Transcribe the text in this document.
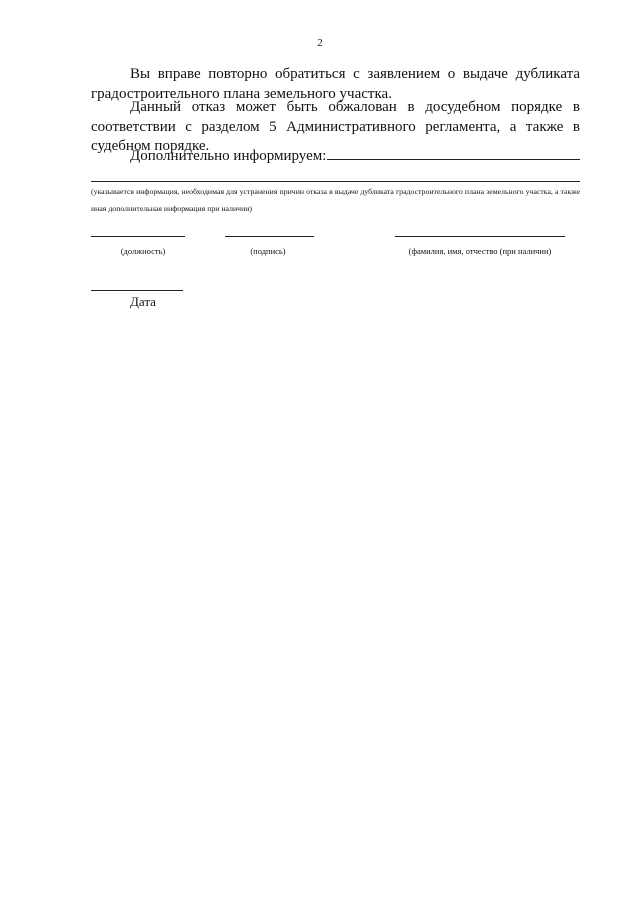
2

Вы вправе повторно обратиться с заявлением о выдаче дубликата градостроительного плана земельного участка.

Данный отказ может быть обжалован в досудебном порядке в соответствии с разделом 5 Административного регламента, а также в судебном порядке.

Дополнительно информируем:

(указывается информация, необходимая для устранения причин отказа в выдаче дубликата градостроительного плана земельного участка, а также иная дополнительная информация при наличии)

(должность)	(подпись)	(фамилия, имя, отчество (при наличии)
Дата
